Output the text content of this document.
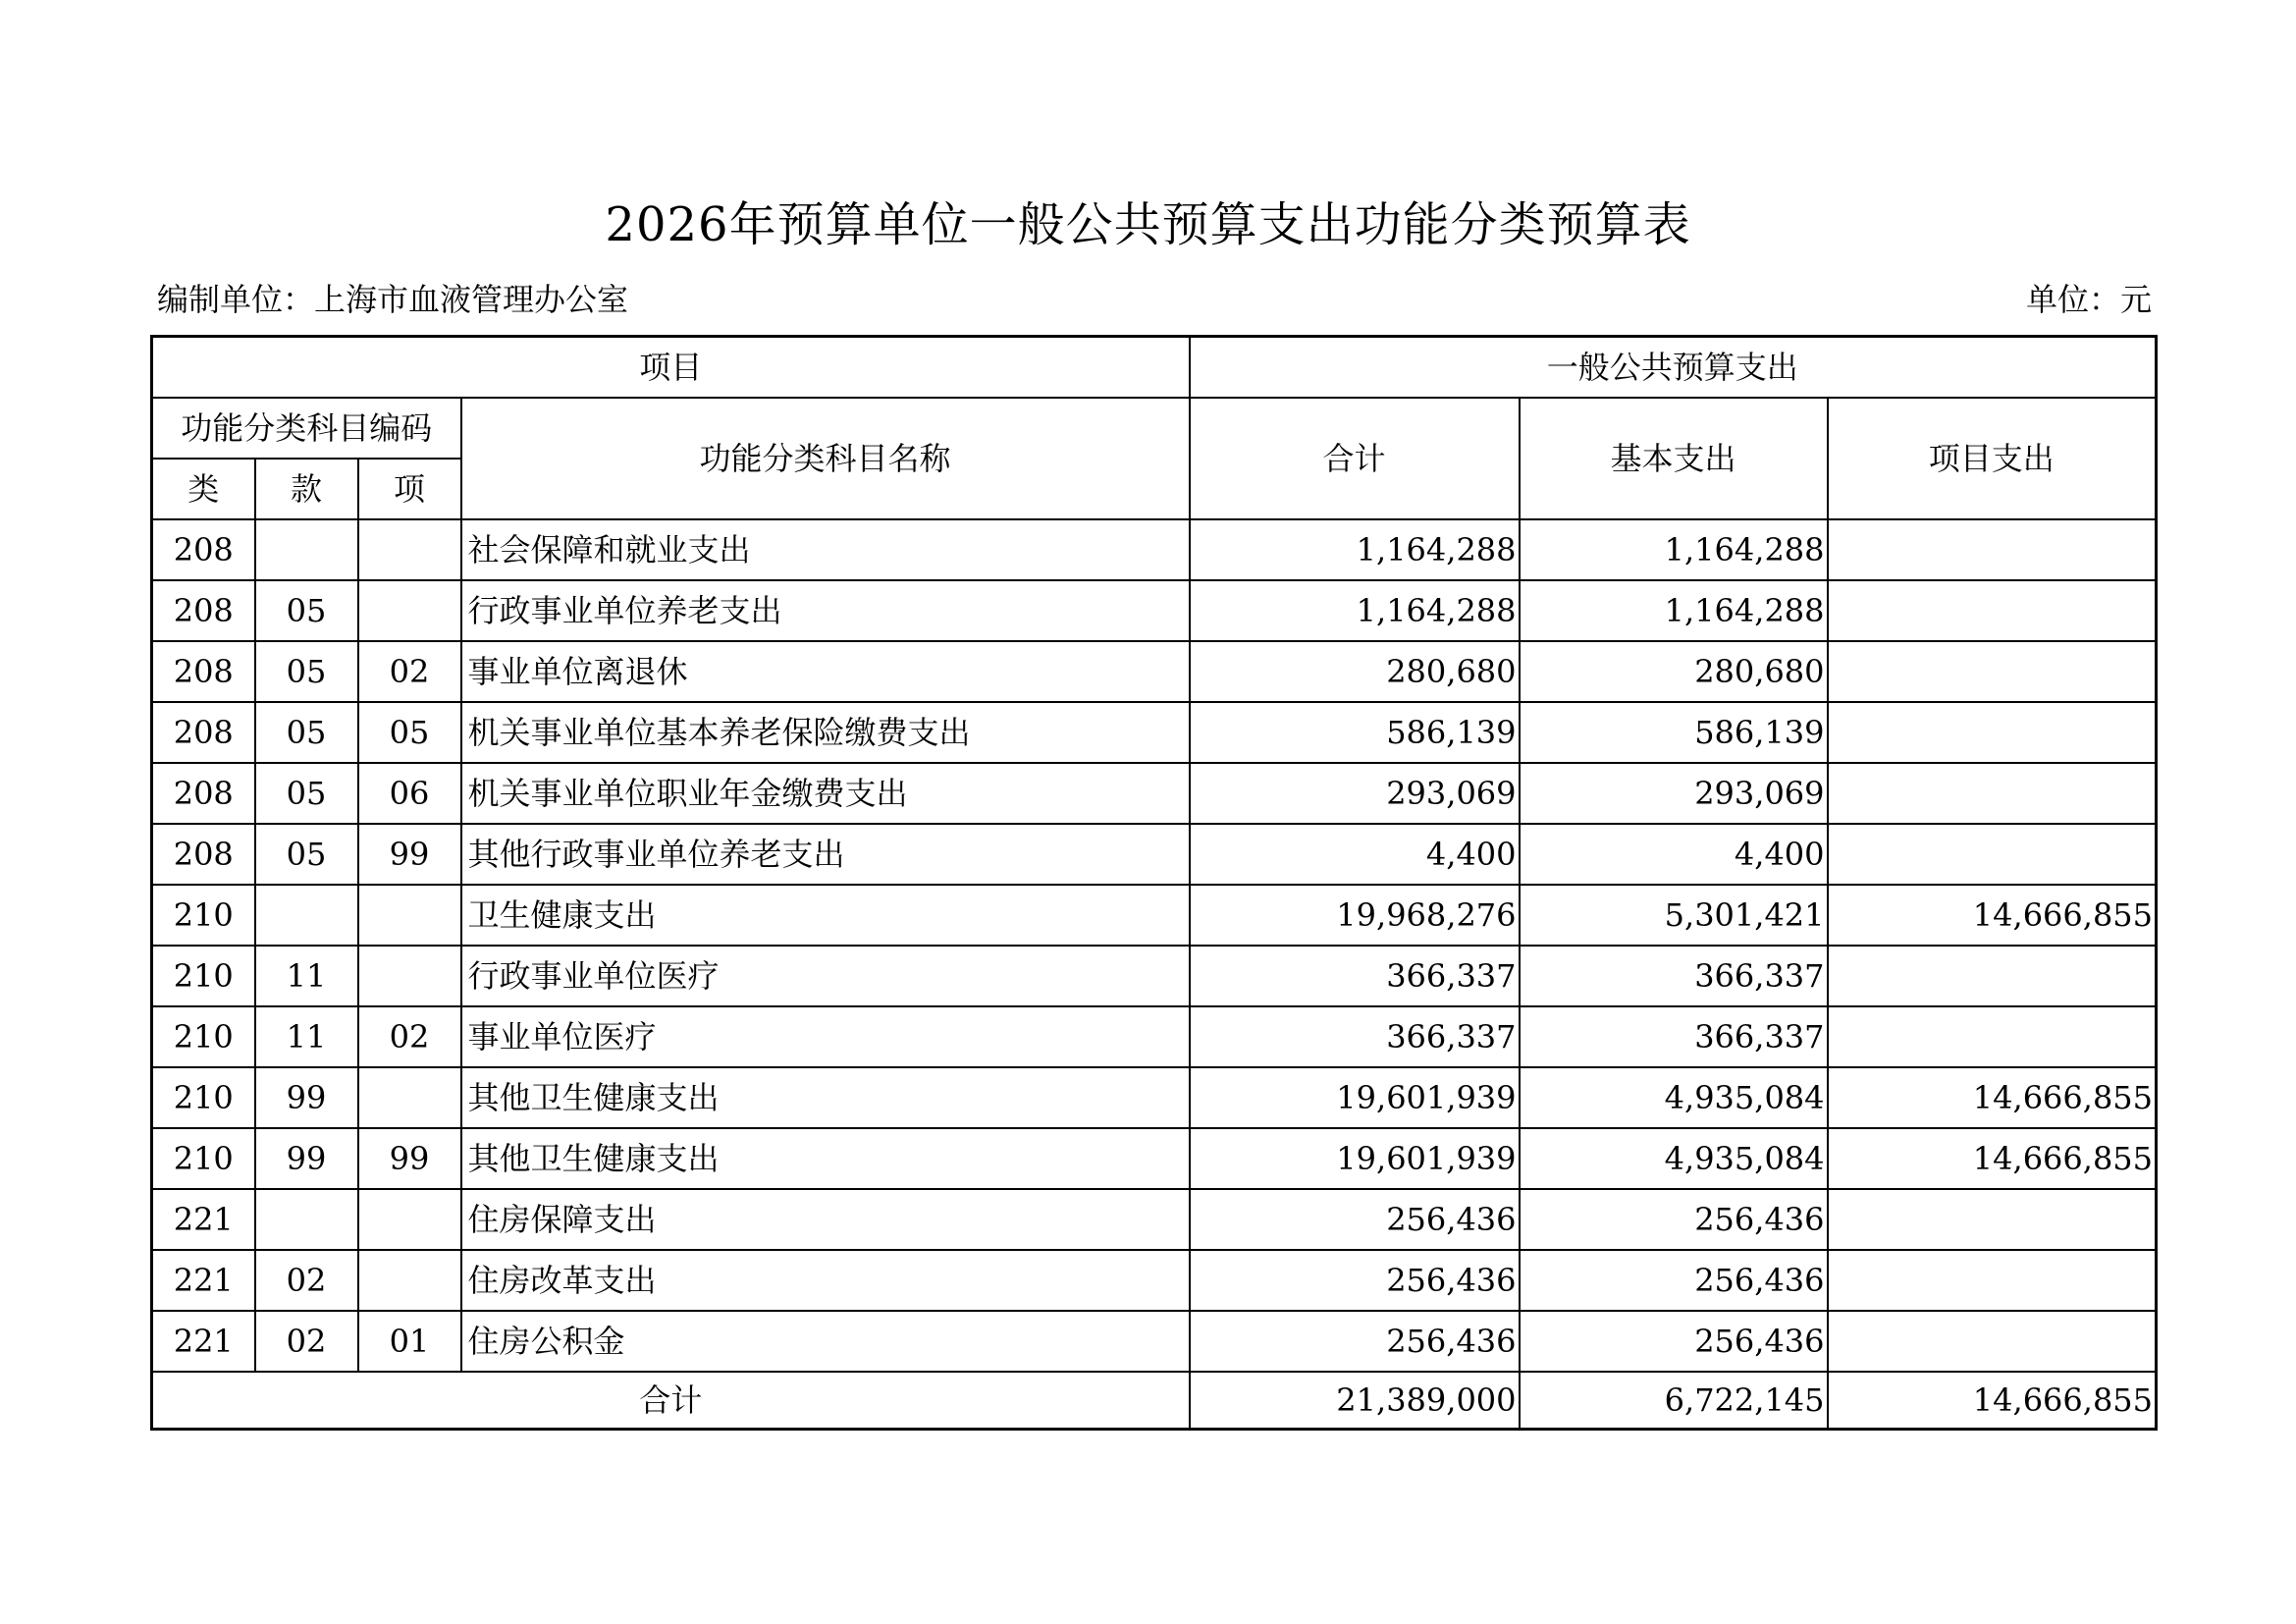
2026年预算单位一般公共预算支出功能分类预算表
编制单位：上海市血液管理办公室	单位：元
项目				一般公共预算支出		
功能分类科目编码			功能分类科目名称	合计	基本支出	项目支出
类	款	项				
208			社会保障和就业支出	1,164,288	1,164,288	
208	05		行政事业单位养老支出	1,164,288	1,164,288	
208	05	02	事业单位离退休	280,680	280,680	
208	05	05	机关事业单位基本养老保险缴费支出	586,139	586,139	
208	05	06	机关事业单位职业年金缴费支出	293,069	293,069	
208	05	99	其他行政事业单位养老支出	4,400	4,400	
210			卫生健康支出	19,968,276	5,301,421	14,666,855
210	11		行政事业单位医疗	366,337	366,337	
210	11	02	事业单位医疗	366,337	366,337	
210	99		其他卫生健康支出	19,601,939	4,935,084	14,666,855
210	99	99	其他卫生健康支出	19,601,939	4,935,084	14,666,855
221			住房保障支出	256,436	256,436	
221	02		住房改革支出	256,436	256,436	
221	02	01	住房公积金	256,436	256,436	
合计				21,389,000	6,722,145	14,666,855
